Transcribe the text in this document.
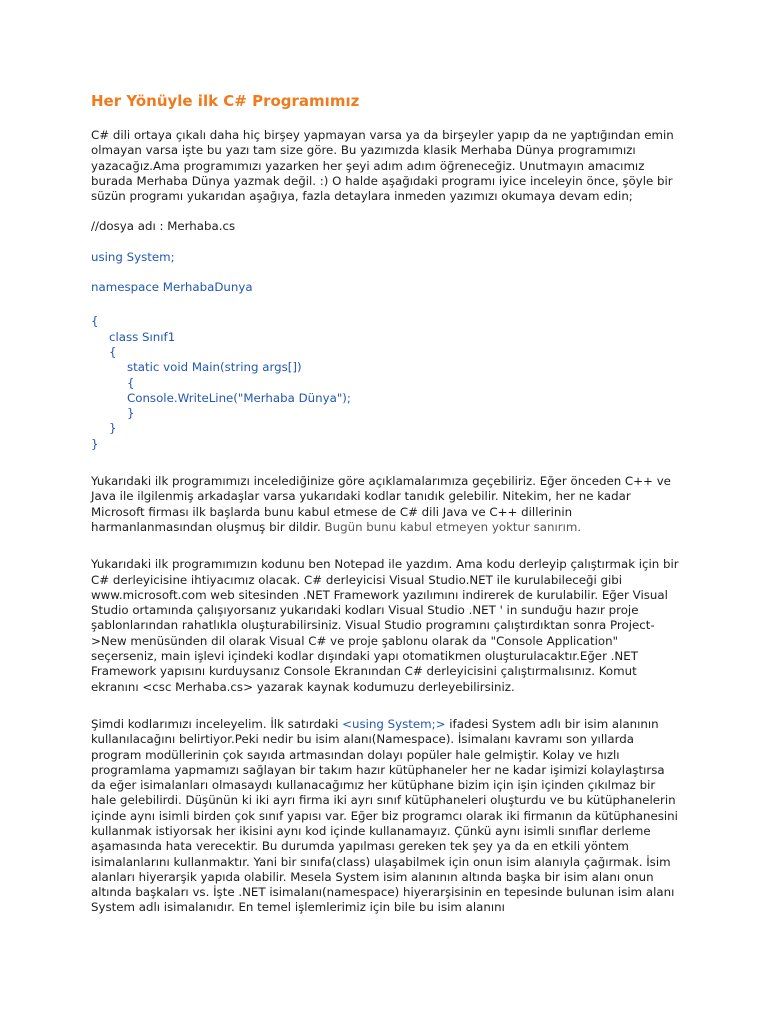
Her Yönüyle ilk C# Programımız

C# dili ortaya çıkalı daha hiç birşey yapmayan varsa ya da birşeyler yapıp da ne yaptığından emin olmayan varsa işte bu yazı tam size göre. Bu yazımızda klasik Merhaba Dünya programımızı yazacağız.Ama programımızı yazarken her şeyi adım adım öğreneceğiz. Unutmayın amacımız burada Merhaba Dünya yazmak değil. :) O halde aşağıdaki programı iyice inceleyin önce, şöyle bir süzün programı yukarıdan aşağıya, fazla detaylara inmeden yazımızı okumaya devam edin;

//dosya adı : Merhaba.cs

using System;

namespace MerhabaDunya

{
class Sınıf1
{
static void Main(string args[])
{
Console.WriteLine("Merhaba Dünya");
}
}
}

Yukarıdaki ilk programımızı incelediğinize göre açıklamalarımıza geçebiliriz. Eğer önceden C++ ve Java ile ilgilenmiş arkadaşlar varsa yukarıdaki kodlar tanıdık gelebilir. Nitekim, her ne kadar Microsoft firması ilk başlarda bunu kabul etmese de C# dili Java ve C++ dillerinin harmanlanmasından oluşmuş bir dildir. Bugün bunu kabul etmeyen yoktur sanırım.

Yukarıdaki ilk programımızın kodunu ben Notepad ile yazdım. Ama kodu derleyip çalıştırmak için bir C# derleyicisine ihtiyacımız olacak. C# derleyicisi Visual Studio.NET ile kurulabileceği gibi www.microsoft.com web sitesinden .NET Framework yazılımını indirerek de kurulabilir. Eğer Visual Studio ortamında çalışıyorsanız yukarıdaki kodları Visual Studio .NET ' in sunduğu hazır proje şablonlarından rahatlıkla oluşturabilirsiniz. Visual Studio programını çalıştırdıktan sonra Project->New menüsünden dil olarak Visual C# ve proje şablonu olarak da "Console Application" seçerseniz, main işlevi içindeki kodlar dışındaki yapı otomatikmen oluşturulacaktır.Eğer .NET Framework yapısını kurduysanız Console Ekranından C# derleyicisini çalıştırmalısınız. Komut ekranını <csc Merhaba.cs> yazarak kaynak kodumuzu derleyebilirsiniz.

Şimdi kodlarımızı inceleyelim. İlk satırdaki <using System;> ifadesi System adlı bir isim alanının kullanılacağını belirtiyor.Peki nedir bu isim alanı(Namespace). İsimalanı kavramı son yıllarda program modüllerinin çok sayıda artmasından dolayı popüler hale gelmiştir. Kolay ve hızlı programlama yapmamızı sağlayan bir takım hazır kütüphaneler her ne kadar işimizi kolaylaştırsa da eğer isimalanları olmasaydı kullanacağımız her kütüphane bizim için işin içinden çıkılmaz bir hale gelebilirdi. Düşünün ki iki ayrı firma iki ayrı sınıf kütüphaneleri oluşturdu ve bu kütüphanelerin içinde aynı isimli birden çok sınıf yapısı var. Eğer biz programcı olarak iki firmanın da kütüphanesini kullanmak istiyorsak her ikisini aynı kod içinde kullanamayız. Çünkü aynı isimli sınıflar derleme aşamasında hata verecektir. Bu durumda yapılması gereken tek şey ya da en etkili yöntem isimalanlarını kullanmaktır. Yani bir sınıfa(class) ulaşabilmek için onun isim alanıyla çağırmak. İsim alanları hiyerarşik yapıda olabilir. Mesela System isim alanının altında başka bir isim alanı onun altında başkaları vs. İşte .NET isimalanı(namespace) hiyerarşisinin en tepesinde bulunan isim alanı System adlı isimalanıdır. En temel işlemlerimiz için bile bu isim alanını
